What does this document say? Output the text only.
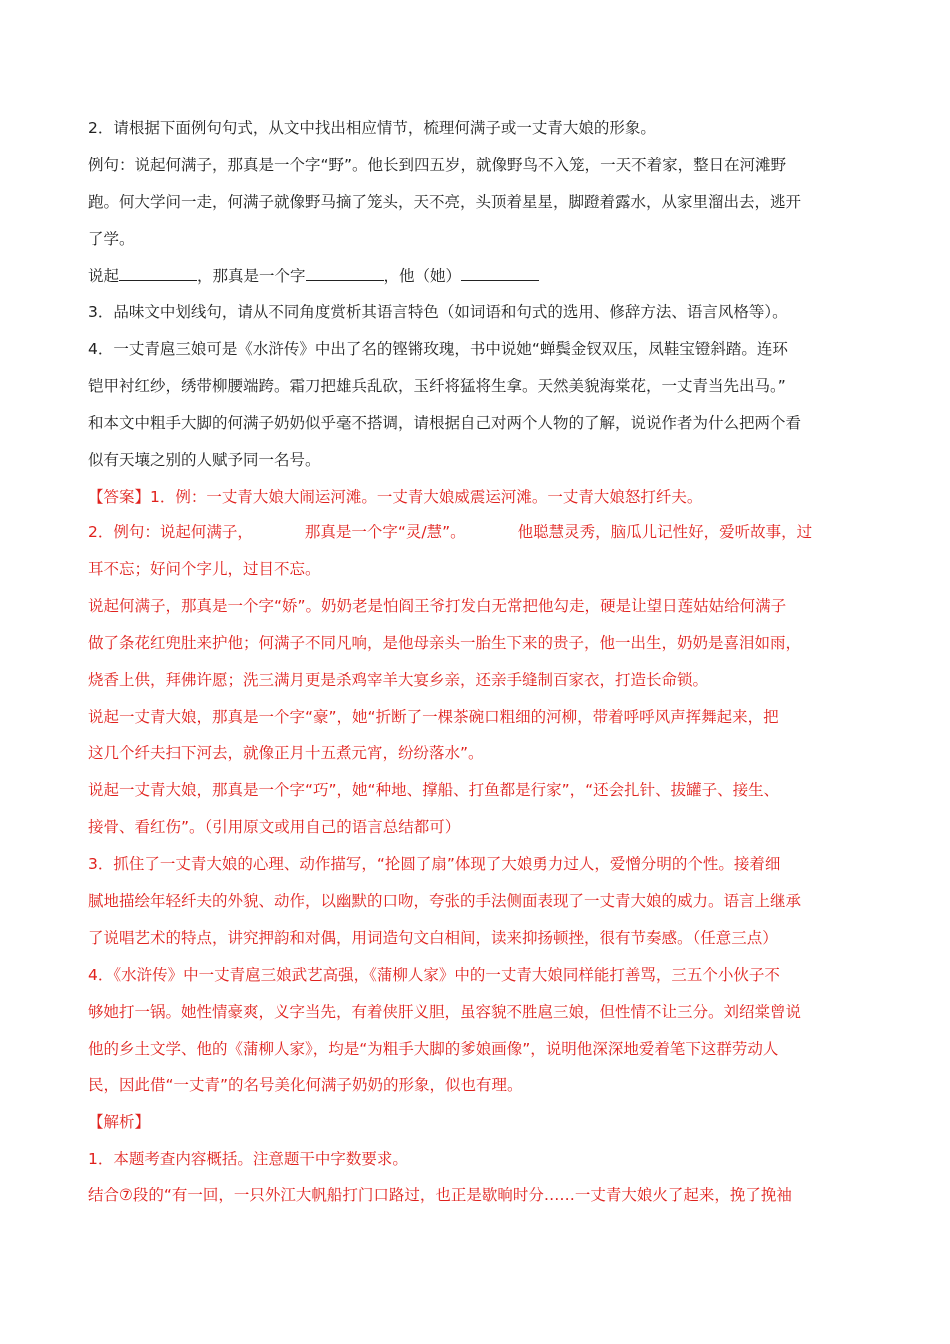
2．请根据下面例句句式，从文中找出相应情节，梳理何满子或一丈青大娘的形象。
例句：说起何满子，那真是一个字“野”。他长到四五岁，就像野鸟不入笼，一天不着家，整日在河滩野
跑。何大学问一走，何满子就像野马摘了笼头，天不亮，头顶着星星，脚蹬着露水，从家里溜出去，逃开
了学。
说起	，那真是一个字	，他（她）
3．品味文中划线句，请从不同角度赏析其语言特色（如词语和句式的选用、修辞方法、语言风格等）。
4．一丈青扈三娘可是《水浒传》中出了名的铿锵玫瑰，书中说她“蝉鬓金钗双压，凤鞋宝镫斜踏。连环
铠甲衬红纱，绣带柳腰端跨。霜刀把雄兵乱砍，玉纤将猛将生拿。天然美貌海棠花，一丈青当先出马。”
和本文中粗手大脚的何满子奶奶似乎毫不搭调，请根据自己对两个人物的了解，说说作者为什么把两个看
似有天壤之别的人赋予同一名号。
【答案】1．例：一丈青大娘大闹运河滩。一丈青大娘威震运河滩。一丈青大娘怒打纤夫。
2．例句：说起何满子，	那真是一个字“灵/慧”。	他聪慧灵秀，脑瓜儿记性好，爱听故事，过
耳不忘；好问个字儿，过目不忘。
说起何满子，那真是一个字“娇”。奶奶老是怕阎王爷打发白无常把他勾走，硬是让望日莲姑姑给何满子
做了条花红兜肚来护他；何满子不同凡响，是他母亲头一胎生下来的贵子，他一出生，奶奶是喜泪如雨，
烧香上供，拜佛许愿；洗三满月更是杀鸡宰羊大宴乡亲，还亲手缝制百家衣，打造长命锁。
说起一丈青大娘，那真是一个字“豪”，她“折断了一棵茶碗口粗细的河柳，带着呼呼风声挥舞起来，把
这几个纤夫扫下河去，就像正月十五煮元宵，纷纷落水”。
说起一丈青大娘，那真是一个字“巧”，她“种地、撑船、打鱼都是行家”，“还会扎针、拔罐子、接生、
接骨、看红伤”。（引用原文或用自己的语言总结都可）
3．抓住了一丈青大娘的心理、动作描写，“抡圆了扇”体现了大娘勇力过人，爱憎分明的个性。接着细
腻地描绘年轻纤夫的外貌、动作，以幽默的口吻，夸张的手法侧面表现了一丈青大娘的威力。语言上继承
了说唱艺术的特点，讲究押韵和对偶，用词造句文白相间，读来抑扬顿挫，很有节奏感。（任意三点）
4．《水浒传》中一丈青扈三娘武艺高强，《蒲柳人家》中的一丈青大娘同样能打善骂，三五个小伙子不
够她打一锅。她性情豪爽，义字当先，有着侠肝义胆，虽容貌不胜扈三娘，但性情不让三分。刘绍棠曾说
他的乡土文学、他的《蒲柳人家》，均是“为粗手大脚的爹娘画像”，说明他深深地爱着笔下这群劳动人
民，因此借“一丈青”的名号美化何满子奶奶的形象，似也有理。
【解析】
1．本题考查内容概括。注意题干中字数要求。
结合⑦段的“有一回，一只外江大帆船打门口路过，也正是歇晌时分……一丈青大娘火了起来，挽了挽袖
